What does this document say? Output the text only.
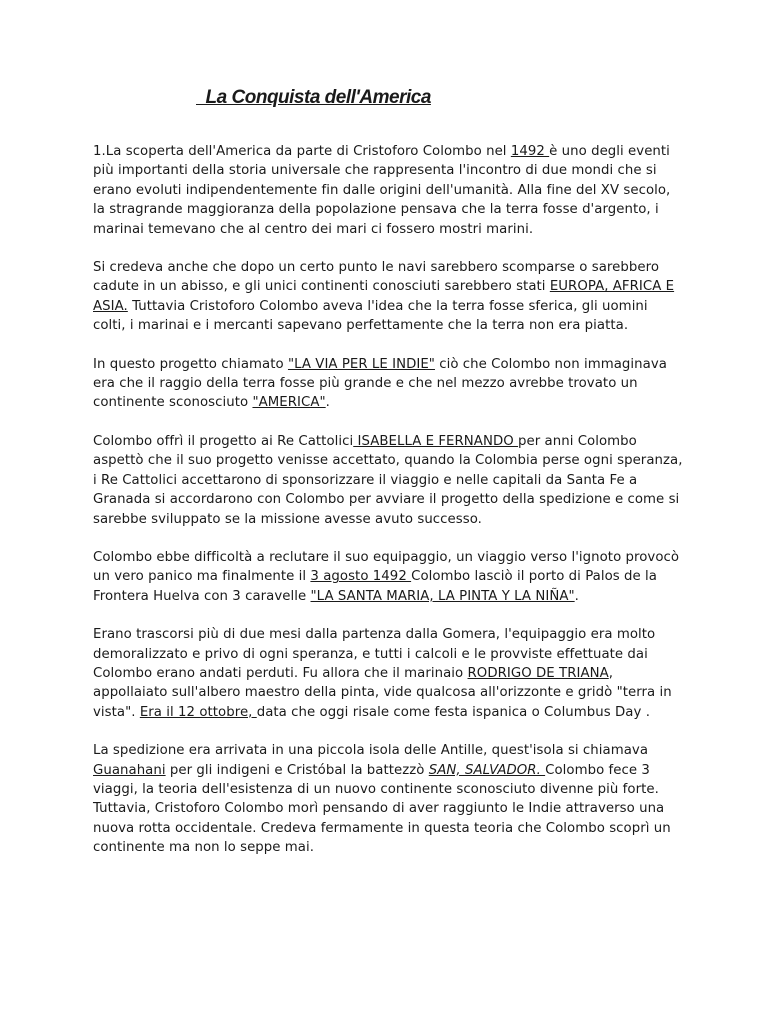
La Conquista dell'America

1.La scoperta dell'America da parte di Cristoforo Colombo nel 1492 è uno degli eventi più importanti della storia universale che rappresenta l'incontro di due mondi che si erano evoluti indipendentemente fin dalle origini dell'umanità. Alla fine del XV secolo, la stragrande maggioranza della popolazione pensava che la terra fosse d'argento, i marinai temevano che al centro dei mari ci fossero mostri marini.

Si credeva anche che dopo un certo punto le navi sarebbero scomparse o sarebbero cadute in un abisso, e gli unici continenti conosciuti sarebbero stati EUROPA, AFRICA E ASIA. Tuttavia Cristoforo Colombo aveva l'idea che la terra fosse sferica, gli uomini colti, i marinai e i mercanti sapevano perfettamente che la terra non era piatta.

In questo progetto chiamato "LA VIA PER LE INDIE" ciò che Colombo non immaginava era che il raggio della terra fosse più grande e che nel mezzo avrebbe trovato un continente sconosciuto "AMERICA".

Colombo offrì il progetto ai Re Cattolici ISABELLA E FERNANDO per anni Colombo aspettò che il suo progetto venisse accettato, quando la Colombia perse ogni speranza, i Re Cattolici accettarono di sponsorizzare il viaggio e nelle capitali da Santa Fe a Granada si accordarono con Colombo per avviare il progetto della spedizione e come si sarebbe sviluppato se la missione avesse avuto successo.

Colombo ebbe difficoltà a reclutare il suo equipaggio, un viaggio verso l'ignoto provocò un vero panico ma finalmente il 3 agosto 1492 Colombo lasciò il porto di Palos de la Frontera Huelva con 3 caravelle "LA SANTA MARIA, LA PINTA Y LA NIÑA".

Erano trascorsi più di due mesi dalla partenza dalla Gomera, l'equipaggio era molto demoralizzato e privo di ogni speranza, e tutti i calcoli e le provviste effettuate dai Colombo erano andati perduti. Fu allora che il marinaio RODRIGO DE TRIANA, appollaiato sull'albero maestro della pinta, vide qualcosa all'orizzonte e gridò "terra in vista". Era il 12 ottobre, data che oggi risale come festa ispanica o Columbus Day .

La spedizione era arrivata in una piccola isola delle Antille, quest'isola si chiamava Guanahani per gli indigeni e Cristóbal la battezzò SAN, SALVADOR. Colombo fece 3 viaggi, la teoria dell'esistenza di un nuovo continente sconosciuto divenne più forte. Tuttavia, Cristoforo Colombo morì pensando di aver raggiunto le Indie attraverso una nuova rotta occidentale. Credeva fermamente in questa teoria che Colombo scoprì un continente ma non lo seppe mai.
